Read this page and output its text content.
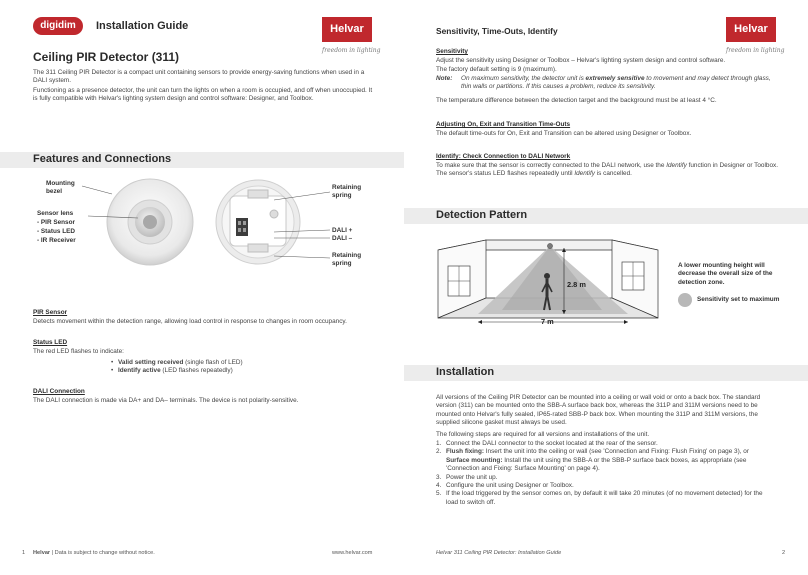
digidim	Installation Guide	Helvar
freedom in lighting
Ceiling PIR Detector (311)
The 311 Ceiling PIR Detector is a compact unit containing sensors to provide energy-saving functions when used in a DALI system.
Functioning as a presence detector, the unit can turn the lights on when a room is occupied, and off when unoccupied. It is fully compatible with Helvar's lighting system design and control software: Designer, and Toolbox.
Features and Connections
Mounting bezel
Sensor lens
- PIR Sensor
- Status LED
- IR Receiver
Retaining spring
DALI +
DALI –
Retaining spring
PIR Sensor
Detects movement within the detection range, allowing load control in response to changes in room occupancy.
Status LED
The red LED flashes to indicate:
• Valid setting received (single flash of LED)
• Identify active (LED flashes repeatedly)
DALI Connection
The DALI connection is made via DA+ and DA– terminals. The device is not polarity-sensitive.
1 Helvar | Data is subject to change without notice.	www.helvar.com
Sensitivity, Time-Outs, Identify	Helvar
freedom in lighting
Sensitivity
Adjust the sensitivity using Designer or Toolbox – Helvar's lighting system design and control software.
The factory default setting is 9 (maximum).
Note: On maximum sensitivity, the detector unit is extremely sensitive to movement and may detect through glass, thin walls or partitions. If this causes a problem, reduce its sensitivity.
The temperature difference between the detection target and the background must be at least 4 °C.
Adjusting On, Exit and Transition Time-Outs
The default time-outs for On, Exit and Transition can be altered using Designer or Toolbox.
Identify: Check Connection to DALI Network
To make sure that the sensor is correctly connected to the DALI network, use the Identify function in Designer or Toolbox. The sensor's status LED flashes repeatedly until Identify is cancelled.
Detection Pattern
2.8 m
7 m
A lower mounting height will decrease the overall size of the detection zone.
Sensitivity set to maximum
Installation
All versions of the Ceiling PIR Detector can be mounted into a ceiling or wall void or onto a back box. The standard version (311) can be mounted onto the SBB-A surface back box, whereas the 311P and 311M versions need to be mounted onto Helvar's fully sealed, IP65-rated SBB-P back box. When mounting the 311P and 311M versions, the supplied silicone gasket must always be used.
The following steps are required for all versions and installations of the unit.
1. Connect the DALI connector to the socket located at the rear of the sensor.
2. Flush fixing: Insert the unit into the ceiling or wall (see 'Connection and Fixing: Flush Fixing' on page 3), or
Surface mounting: Install the unit using the SBB-A or the SBB-P surface back boxes, as appropriate (see 'Connection and Fixing: Surface Mounting' on page 4).
3. Power the unit up.
4. Configure the unit using Designer or Toolbox.
5. If the load triggered by the sensor comes on, by default it will take 20 minutes (of no movement detected) for the load to switch off.
Helvar 311 Ceiling PIR Detector: Installation Guide	2
